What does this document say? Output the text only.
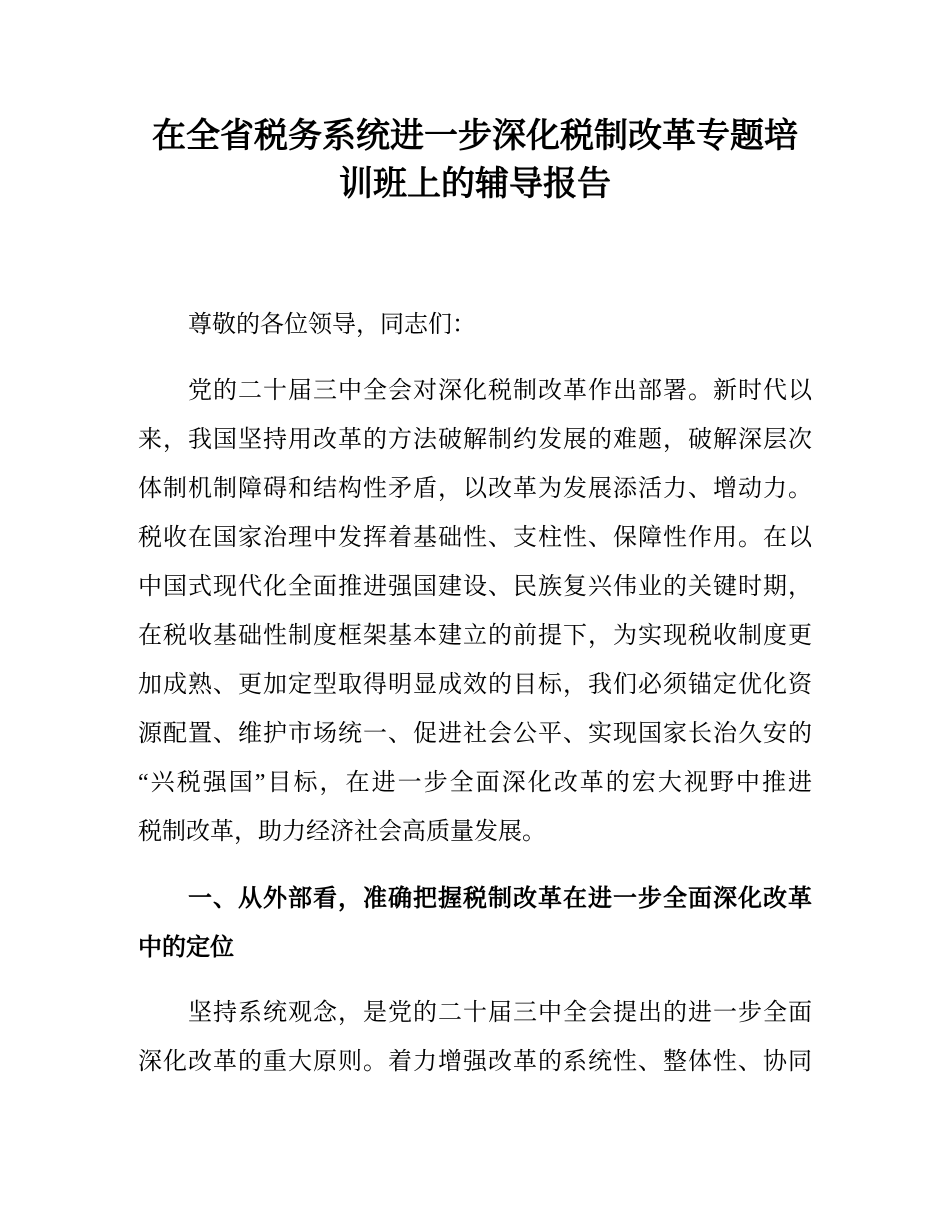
在全省税务系统进一步深化税制改革专题培
训班上的辅导报告
尊敬的各位领导，同志们：
党的二十届三中全会对深化税制改革作出部署。新时代以
来，我国坚持用改革的方法破解制约发展的难题，破解深层次
体制机制障碍和结构性矛盾，以改革为发展添活力、增动力。
税收在国家治理中发挥着基础性、支柱性、保障性作用。在以
中国式现代化全面推进强国建设、民族复兴伟业的关键时期，
在税收基础性制度框架基本建立的前提下，为实现税收制度更
加成熟、更加定型取得明显成效的目标，我们必须锚定优化资
源配置、维护市场统一、促进社会公平、实现国家长治久安的
“兴税强国”目标，在进一步全面深化改革的宏大视野中推进
税制改革，助力经济社会高质量发展。
一、从外部看，准确把握税制改革在进一步全面深化改革
中的定位
坚持系统观念，是党的二十届三中全会提出的进一步全面
深化改革的重大原则。着力增强改革的系统性、整体性、协同
